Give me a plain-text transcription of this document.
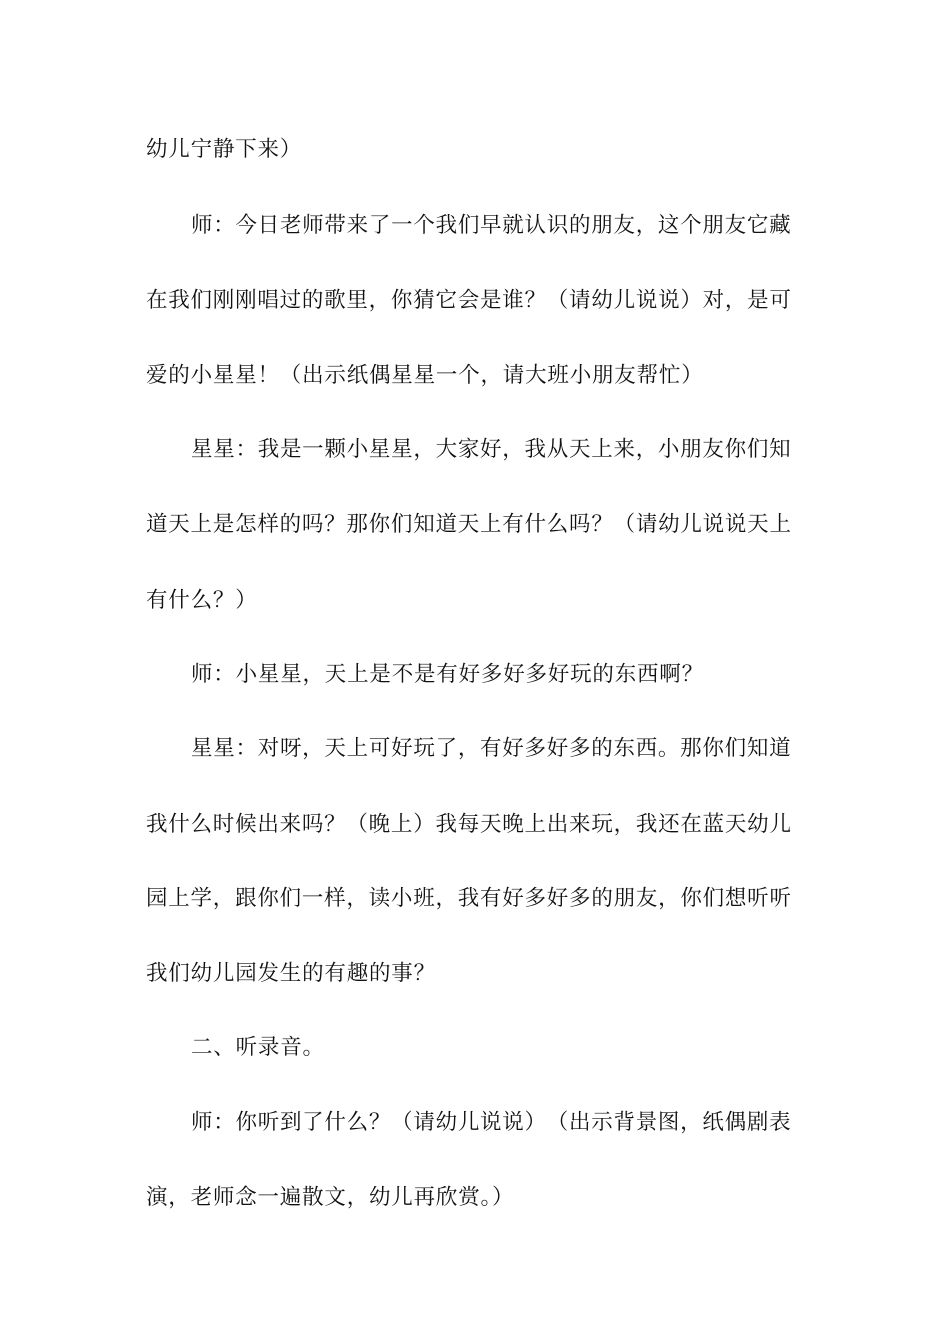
幼儿宁静下来）
师 ： 今 日 老 师 带 来 了 一 个 我 们 早 就 认 识 的 朋 友 ， 这 个 朋 友 它 藏
在 我 们 刚 刚 唱 过 的 歌 里 ， 你 猜 它 会 是 谁 ？ （ 请 幼 儿 说 说 ） 对 ， 是 可
爱的小星星！（出示纸偶星星一个，请大班小朋友帮忙）
星 星 ： 我 是 一 颗 小 星 星 ， 大 家 好 ， 我 从 天 上 来 ， 小 朋 友 你 们 知
道 天 上 是 怎 样 的 吗 ？ 那 你 们 知 道 天 上 有 什 么 吗 ？ （ 请 幼 儿 说 说 天 上
有什么？）
师：小星星，天上是不是有好多好多好玩的东西啊？
星 星 ： 对 呀 ， 天 上 可 好 玩 了 ， 有 好 多 好 多 的 东 西 。 那 你 们 知 道
我 什 么 时 候 出 来 吗 ？ （ 晚 上 ） 我 每 天 晚 上 出 来 玩 ， 我 还 在 蓝 天 幼 儿
园 上 学 ， 跟 你 们 一 样 ， 读 小 班 ， 我 有 好 多 好 多 的 朋 友 ， 你 们 想 听 听
我们幼儿园发生的有趣的事？
二、听录音。
师 ： 你 听 到 了 什 么 ？ （ 请 幼 儿 说 说 ） （ 出 示 背 景 图 ， 纸 偶 剧 表
演，老师念一遍散文，幼儿再欣赏。）
